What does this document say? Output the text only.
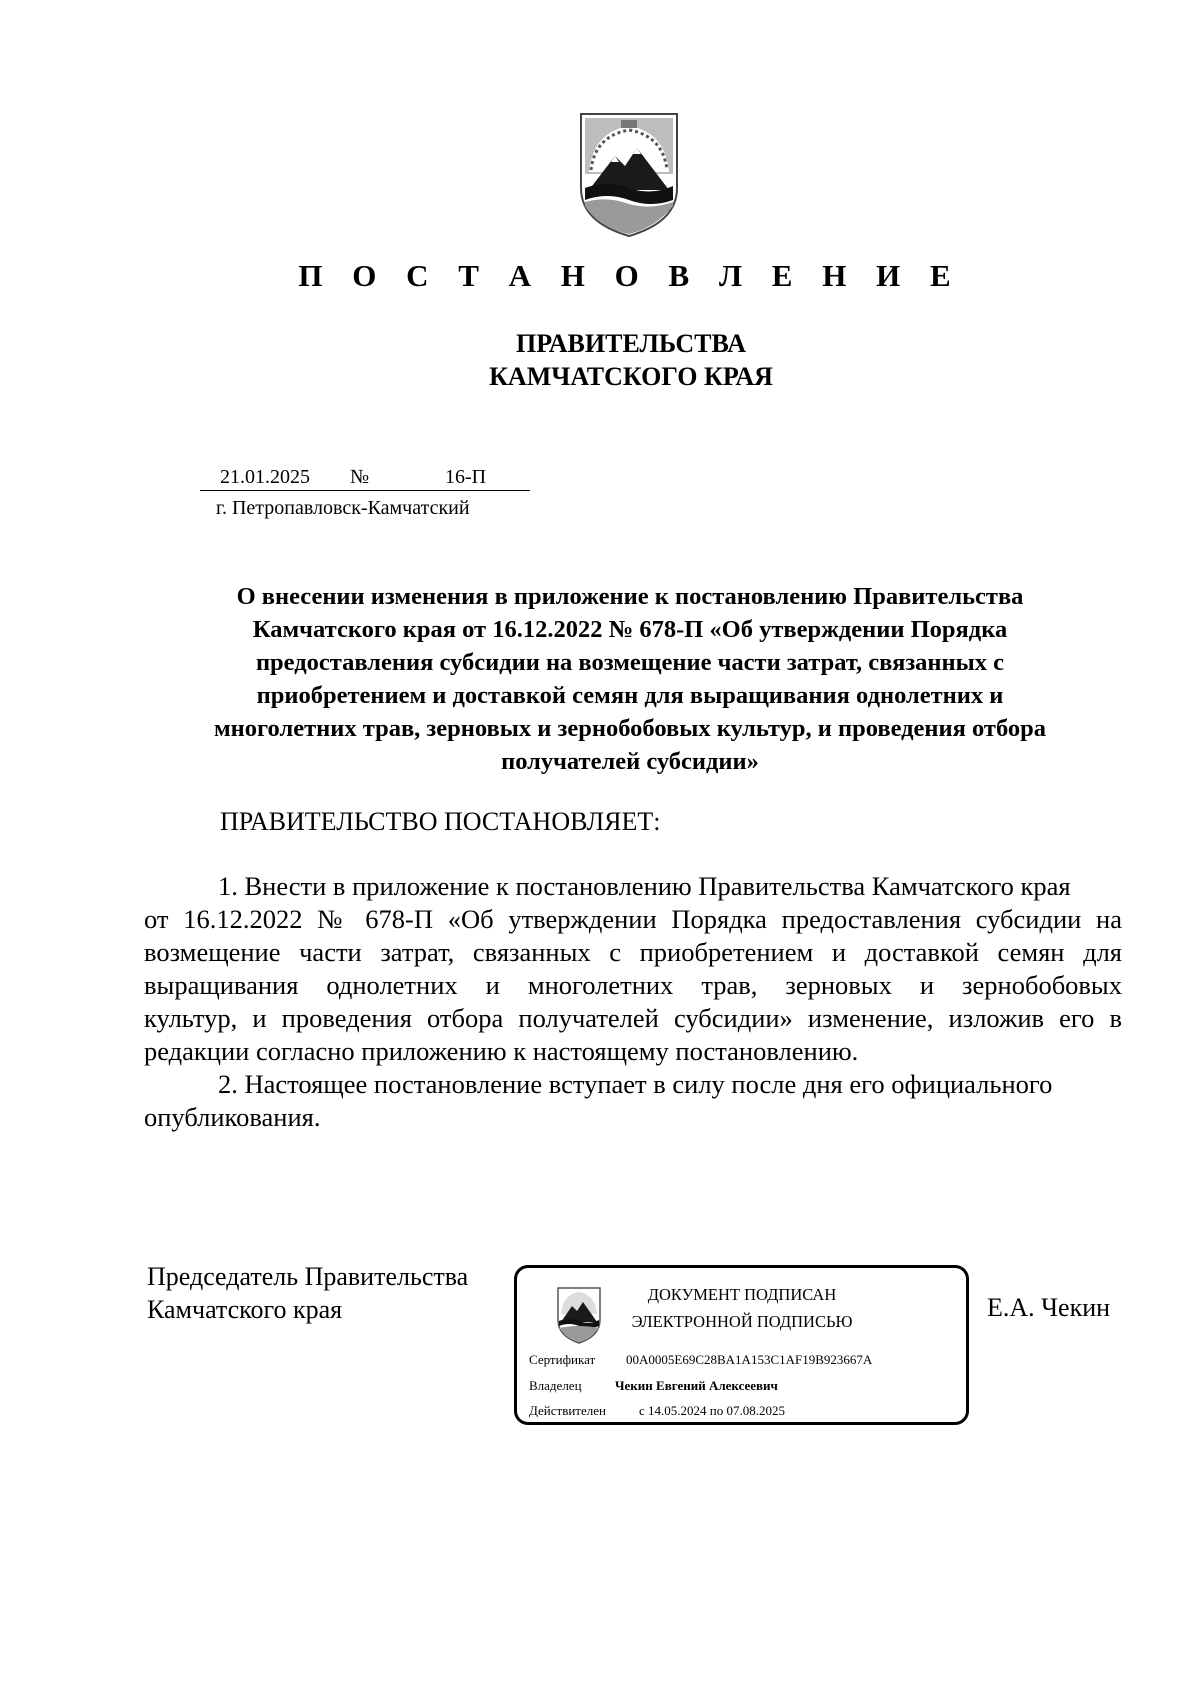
П О С Т А Н О В Л Е Н И Е
ПРАВИТЕЛЬСТВА
КАМЧАТСКОГО КРАЯ
21.01.2025 №	16-П
г. Петропавловск-Камчатский
О внесении изменения в приложение к постановлению Правительства
Камчатского края от 16.12.2022 № 678-П «Об утверждении Порядка
предоставления субсидии на возмещение части затрат, связанных с
приобретением и доставкой семян для выращивания однолетних и
многолетних трав, зерновых и зернобобовых культур, и проведения отбора
получателей субсидии»
ПРАВИТЕЛЬСТВО ПОСТАНОВЛЯЕТ:
1. Внести в приложение к постановлению Правительства Камчатского края
от 16.12.2022 № 678-П «Об утверждении Порядка предоставления субсидии на
возмещение части затрат, связанных с приобретением и доставкой семян для
выращивания однолетних и многолетних трав, зерновых и зернобобовых
культур, и проведения отбора получателей субсидии» изменение, изложив его в
редакции согласно приложению к настоящему постановлению.
2. Настоящее постановление вступает в силу после дня его официального
опубликования.
Председатель Правительства
Камчатского края
ДОКУМЕНТ ПОДПИСАН
ЭЛЕКТРОННОЙ ПОДПИСЬЮ
Сертификат 00A0005E69C28BA1A153C1AF19B923667A
Владелец	Чекин Евгений Алексеевич
Действителен	с 14.05.2024 по 07.08.2025
Е.А. Чекин
